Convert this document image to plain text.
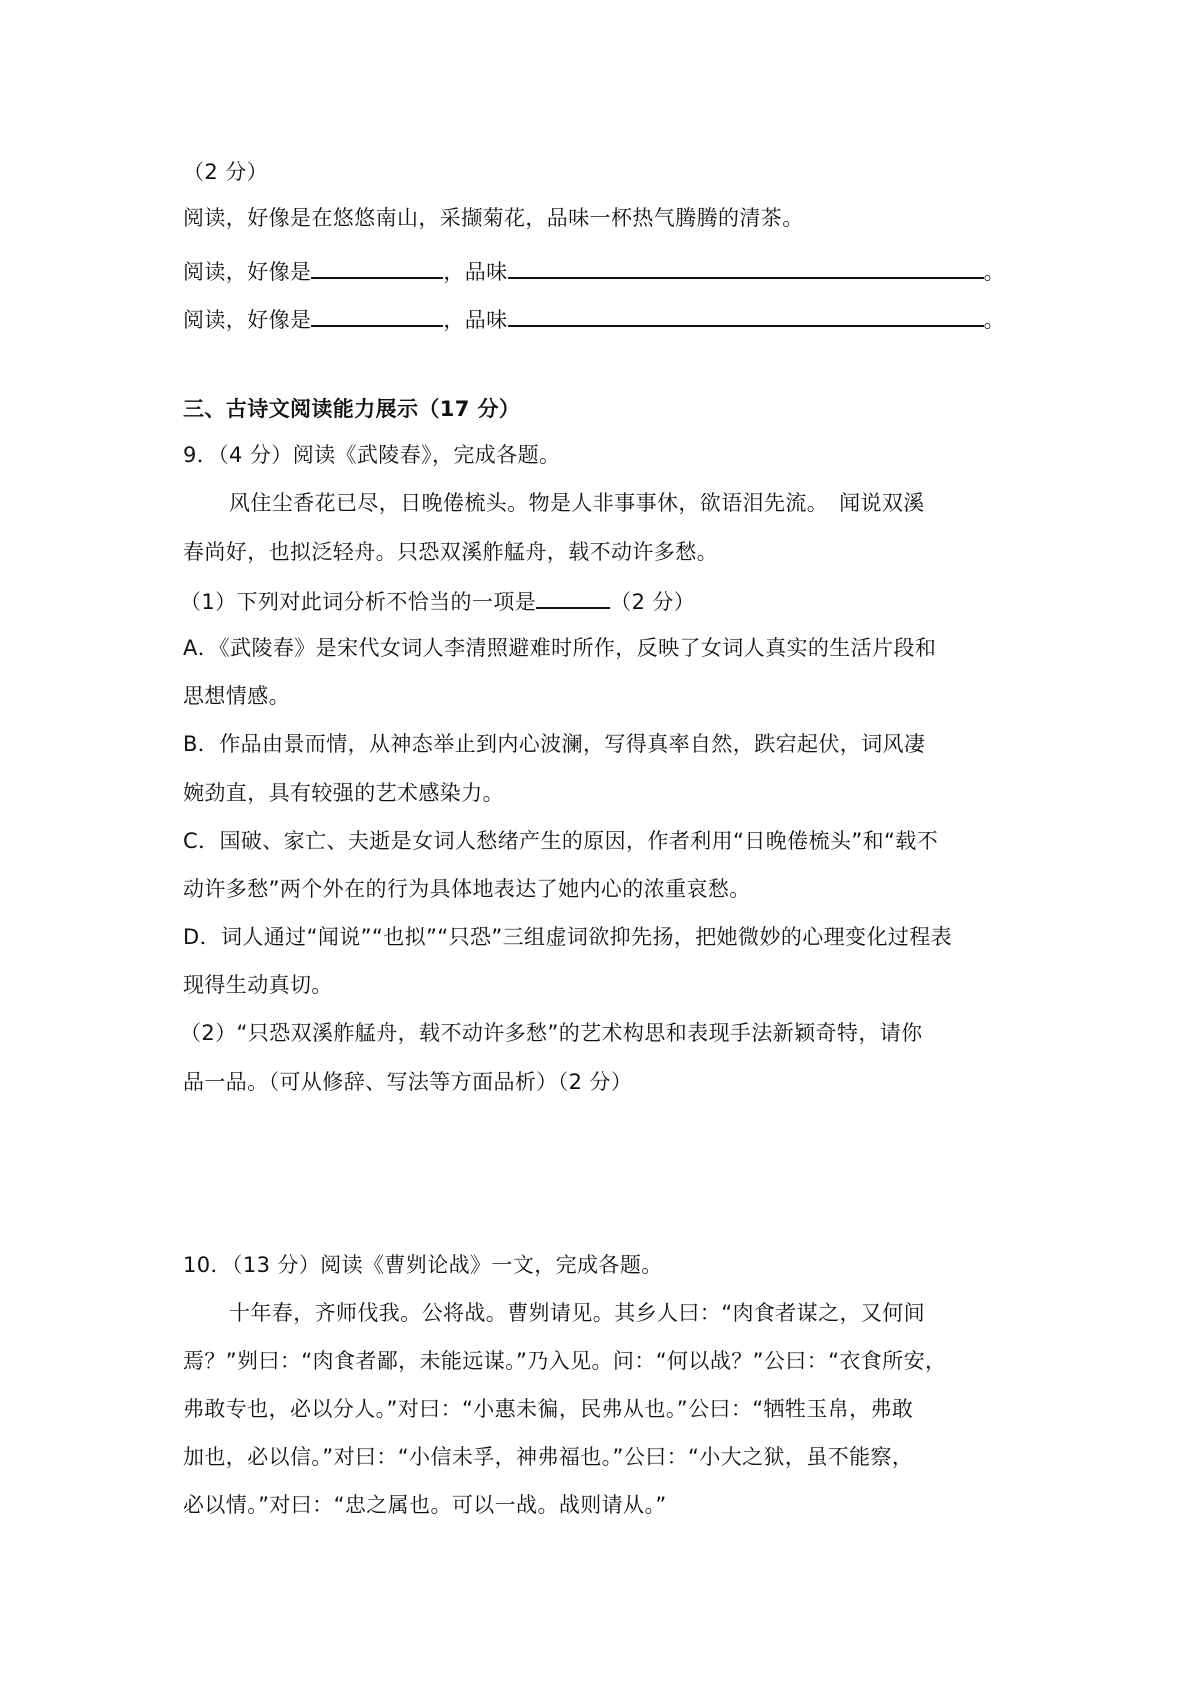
（2 分）

阅读，好像是在悠悠南山，采撷菊花，品味一杯热气腾腾的清茶。

阅读，好像是	，品味	。

阅读，好像是	，品味	。

三、古诗文阅读能力展示（17 分）

9．（4 分）阅读《武陵春》，完成各题。

风住尘香花已尽，日晚倦梳头。物是人非事事休，欲语泪先流。　闻说双溪

春尚好，也拟泛轻舟。只恐双溪舴艋舟，载不动许多愁。

（1）下列对此词分析不恰当的一项是	（2 分）

A．《武陵春》是宋代女词人李清照避难时所作，反映了女词人真实的生活片段和

思想情感。

B．作品由景而情，从神态举止到内心波澜，写得真率自然，跌宕起伏，词风凄

婉劲直，具有较强的艺术感染力。

C．国破、家亡、夫逝是女词人愁绪产生的原因，作者利用“日晚倦梳头”和“载不

动许多愁”两个外在的行为具体地表达了她内心的浓重哀愁。

D．词人通过“闻说”“也拟”“只恐”三组虚词欲抑先扬，把她微妙的心理变化过程表

现得生动真切。

（2）“只恐双溪舴艋舟，载不动许多愁”的艺术构思和表现手法新颖奇特，请你

品一品。（可从修辞、写法等方面品析）（2 分）

10．（13 分）阅读《曹刿论战》一文，完成各题。

十年春，齐师伐我。公将战。曹刿请见。其乡人曰：“肉食者谋之，又何间

焉？”刿曰：“肉食者鄙，未能远谋。”乃入见。问：“何以战？”公曰：“衣食所安，

弗敢专也，必以分人。”对曰：“小惠未徧，民弗从也。”公曰：“牺牲玉帛，弗敢

加也，必以信。”对曰：“小信未孚，神弗福也。”公曰：“小大之狱，虽不能察，

必以情。”对曰：“忠之属也。可以一战。战则请从。”
